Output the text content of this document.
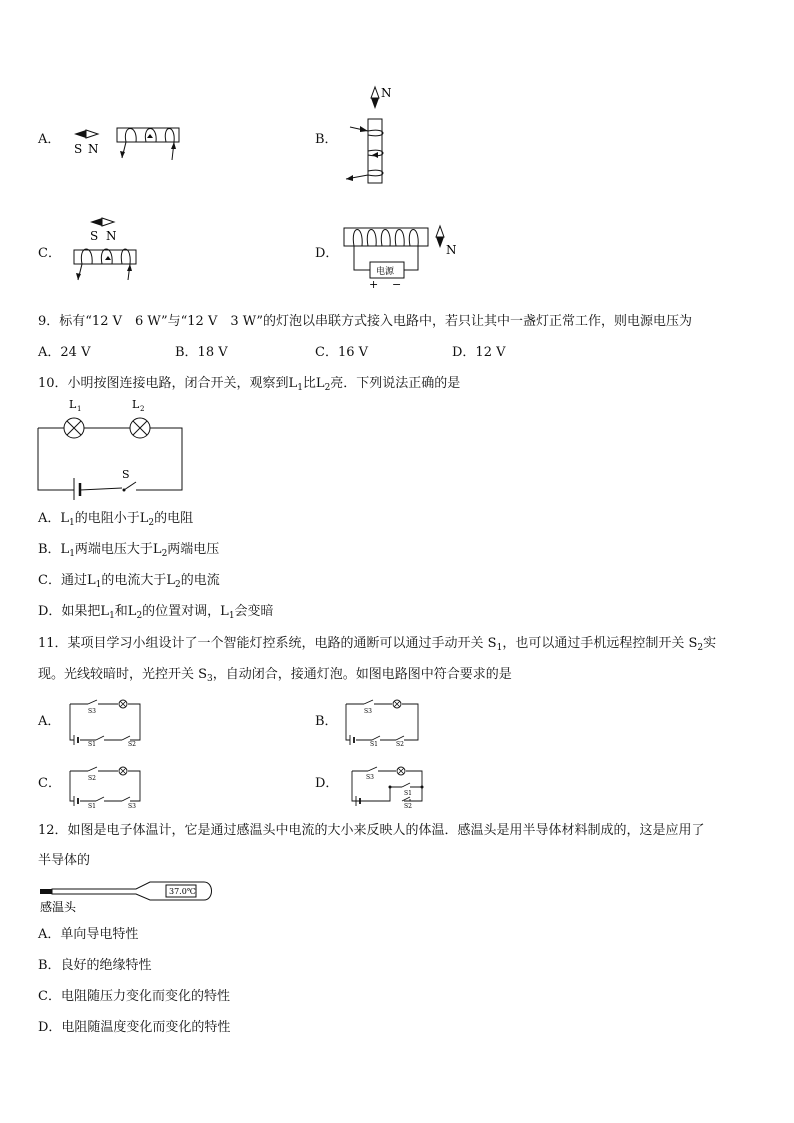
A．
S N
B．
N
C．
S N
D．
电源
+ −
N
9．标有“12 V　6 W”与“12 V　3 W”的灯泡以串联方式接入电路中，若只让其中一盏灯正常工作，则电源电压为
A．24 V	B．18 V	C．16 V	D．12 V
10．小明按图连接电路，闭合开关，观察到$L_1$比$L_2$亮．下列说法正确的是
L 1	L 2
S
A．$L_1$的电阻小于$L_2$的电阻
B．$L_1$两端电压大于$L_2$两端电压
C．通过$L_1$的电流大于$L_2$的电流
D．如果把$L_1$和$L_2$的位置对调，$L_1$会变暗
11．某项目学习小组设计了一个智能灯控系统，电路的通断可以通过手动开关 $S_1$，也可以通过手机远程控制开关 $S_2$实
现。光线较暗时，光控开关 $S_3$，自动闭合，接通灯泡。如图电路图中符合要求的是
A．
S3
S1	S2
B．
S3
S1	S2
C．	S2
S1	S3
D．	S3
S1
S2
12．如图是电子体温计，它是通过感温头中电流的大小来反映人的体温．感温头是用半导体材料制成的，这是应用了
半导体的
37.0℃
感温头
A．单向导电特性
B．良好的绝缘特性
C．电阻随压力变化而变化的特性
D．电阻随温度变化而变化的特性
